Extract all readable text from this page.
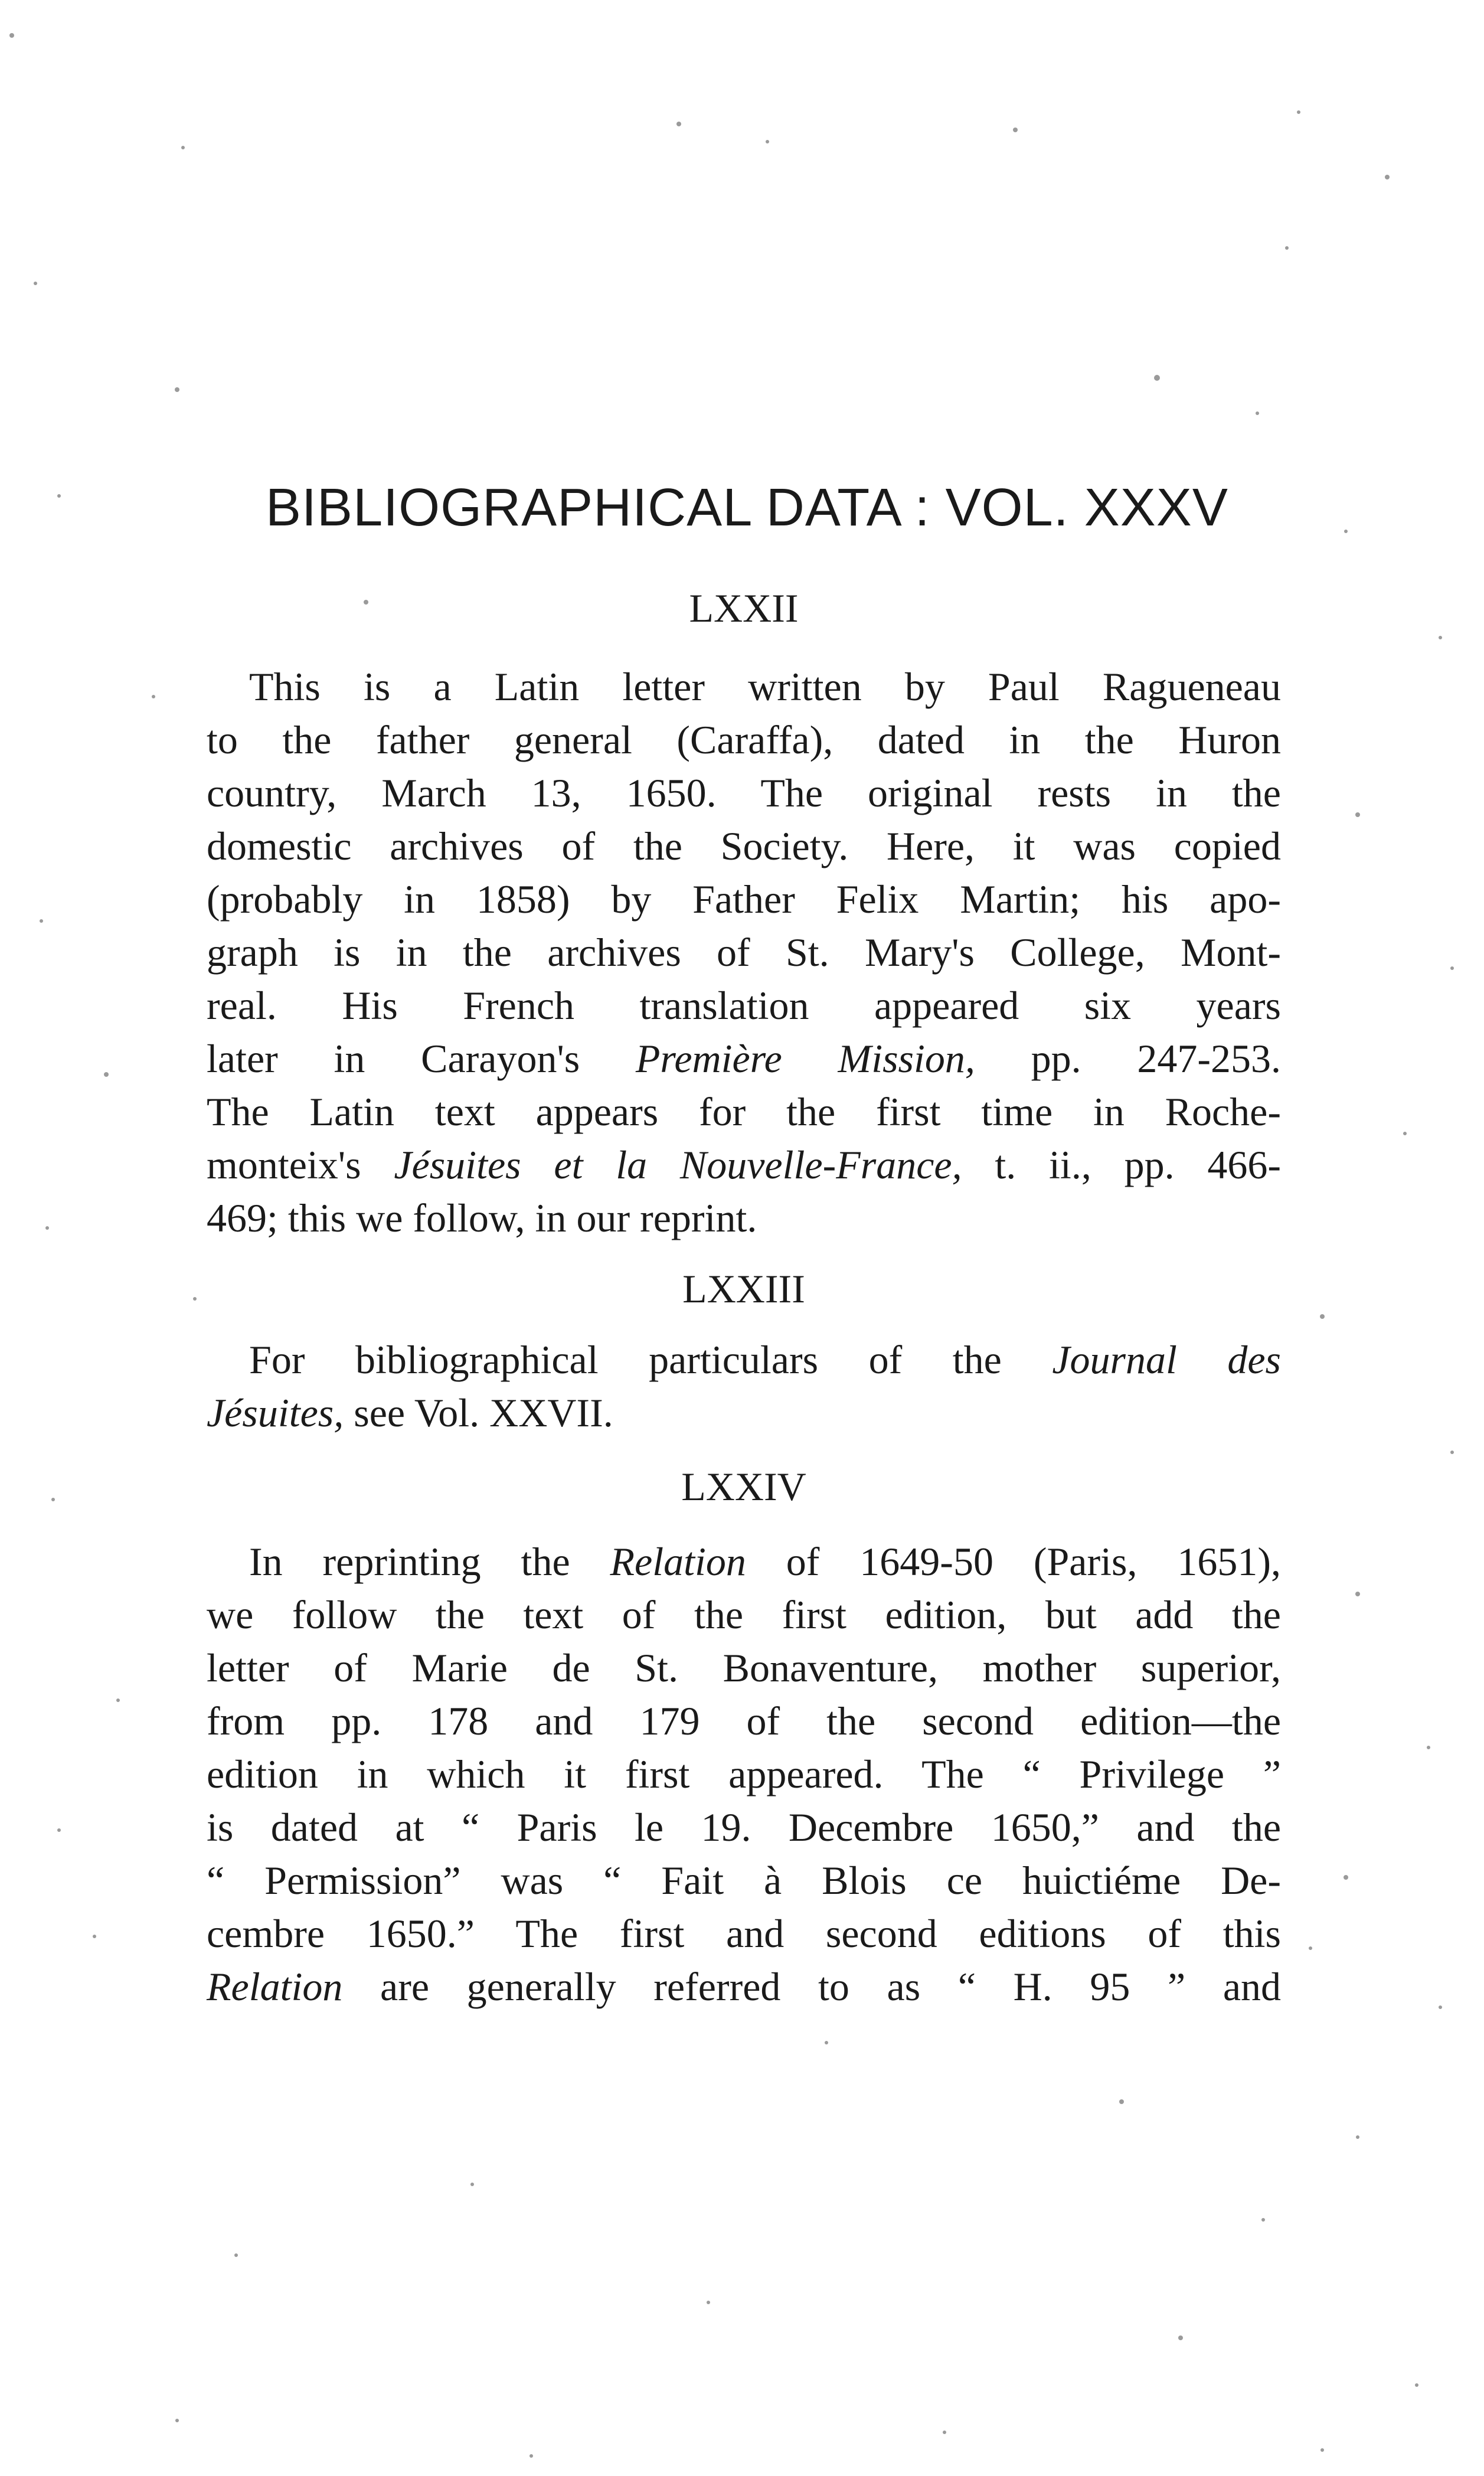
BIBLIOGRAPHICAL DATA : VOL. XXXV
LXXII
This is a Latin letter written by Paul Ragueneau
to the father general (Caraffa), dated in the Huron
country, March 13, 1650. The original rests in the
domestic archives of the Society. Here, it was copied
(probably in 1858) by Father Felix Martin; his apo-
graph is in the archives of St. Mary's College, Mont-
real. His French translation appeared six years
later in Carayon's Première Mission, pp. 247-253.
The Latin text appears for the first time in Roche-
monteix's Jésuites et la Nouvelle-France, t. ii., pp. 466-
469; this we follow, in our reprint.
LXXIII
For bibliographical particulars of the Journal des
Jésuites, see Vol. XXVII.
LXXIV
In reprinting the Relation of 1649-50 (Paris, 1651),
we follow the text of the first edition, but add the
letter of Marie de St. Bonaventure, mother superior,
from pp. 178 and 179 of the second edition—the
edition in which it first appeared. The “ Privilege ”
is dated at “ Paris le 19. Decembre 1650,” and the
“ Permission” was “ Fait à Blois ce huictiéme De-
cembre 1650.” The first and second editions of this
Relation are generally referred to as “ H. 95 ” and
